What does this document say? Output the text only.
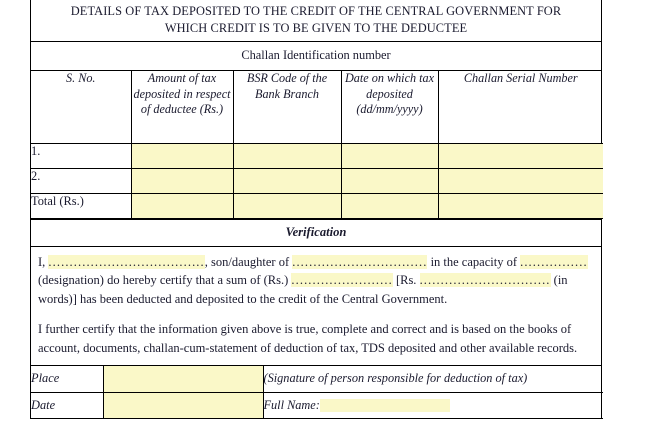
DETAILS OF TAX DEPOSITED TO THE CREDIT OF THE CENTRAL GOVERNMENT FOR
WHICH CREDIT IS TO BE GIVEN TO THE DEDUCTEE
Challan Identification number
S. No.	Amount of tax deposited in respect of deductee (Rs.)	BSR Code of the Bank Branch	Date on which tax deposited (dd/mm/yyyy)	Challan Serial Number
1.				
2.				
Total (Rs.)				
Verification

I, ....................................., son/daughter of ................................ in the capacity of ................ (designation) do hereby certify that a sum of (Rs.) ........................ [Rs. ............................... (in words)] has been deducted and deposited to the credit of the Central Government.

I further certify that the information given above is true, complete and correct and is based on the books of account, documents, challan-cum-statement of deduction of tax, TDS deposited and other available records.

Place		(Signature of person responsible for deduction of tax)
Date		Full Name:
